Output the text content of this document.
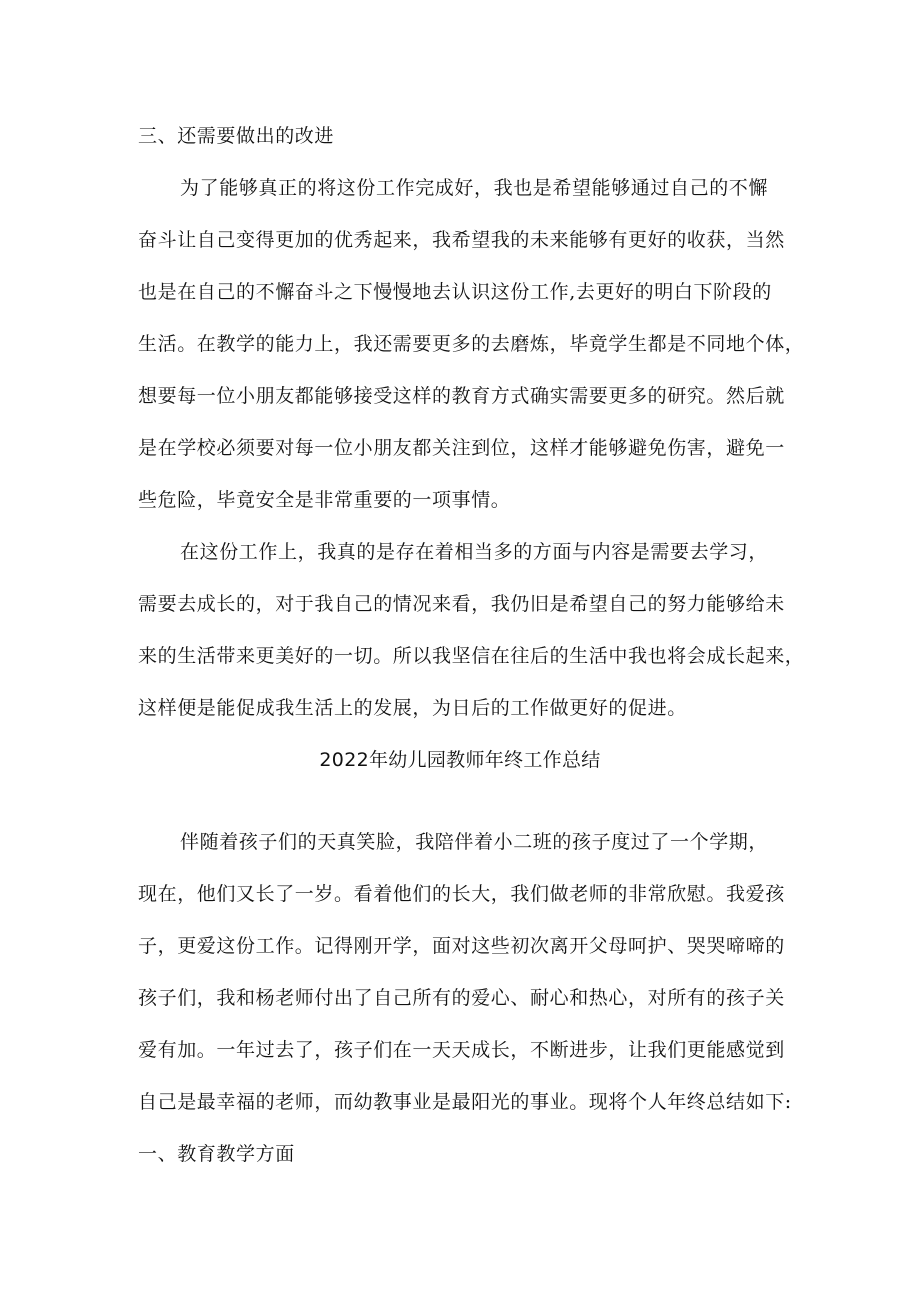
三、还需要做出的改进
为了能够真正的将这份工作完成好，我也是希望能够通过自己的不懈
奋斗让自己变得更加的优秀起来，我希望我的未来能够有更好的收获，当然
也是在自己的不懈奋斗之下慢慢地去认识这份工作,去更好的明白下阶段的
生活。在教学的能力上，我还需要更多的去磨炼，毕竟学生都是不同地个体，
想要每一位小朋友都能够接受这样的教育方式确实需要更多的研究。然后就
是在学校必须要对每一位小朋友都关注到位，这样才能够避免伤害，避免一
些危险，毕竟安全是非常重要的一项事情。
在这份工作上，我真的是存在着相当多的方面与内容是需要去学习，
需要去成长的，对于我自己的情况来看，我仍旧是希望自己的努力能够给未
来的生活带来更美好的一切。所以我坚信在往后的生活中我也将会成长起来，
这样便是能促成我生活上的发展，为日后的工作做更好的促进。
2022年幼儿园教师年终工作总结
伴随着孩子们的天真笑脸，我陪伴着小二班的孩子度过了一个学期，
现在，他们又长了一岁。看着他们的长大，我们做老师的非常欣慰。我爱孩
子，更爱这份工作。记得刚开学，面对这些初次离开父母呵护、哭哭啼啼的
孩子们，我和杨老师付出了自己所有的爱心、耐心和热心，对所有的孩子关
爱有加。一年过去了，孩子们在一天天成长，不断进步，让我们更能感觉到
自己是最幸福的老师，而幼教事业是最阳光的事业。现将个人年终总结如下:
一、教育教学方面
